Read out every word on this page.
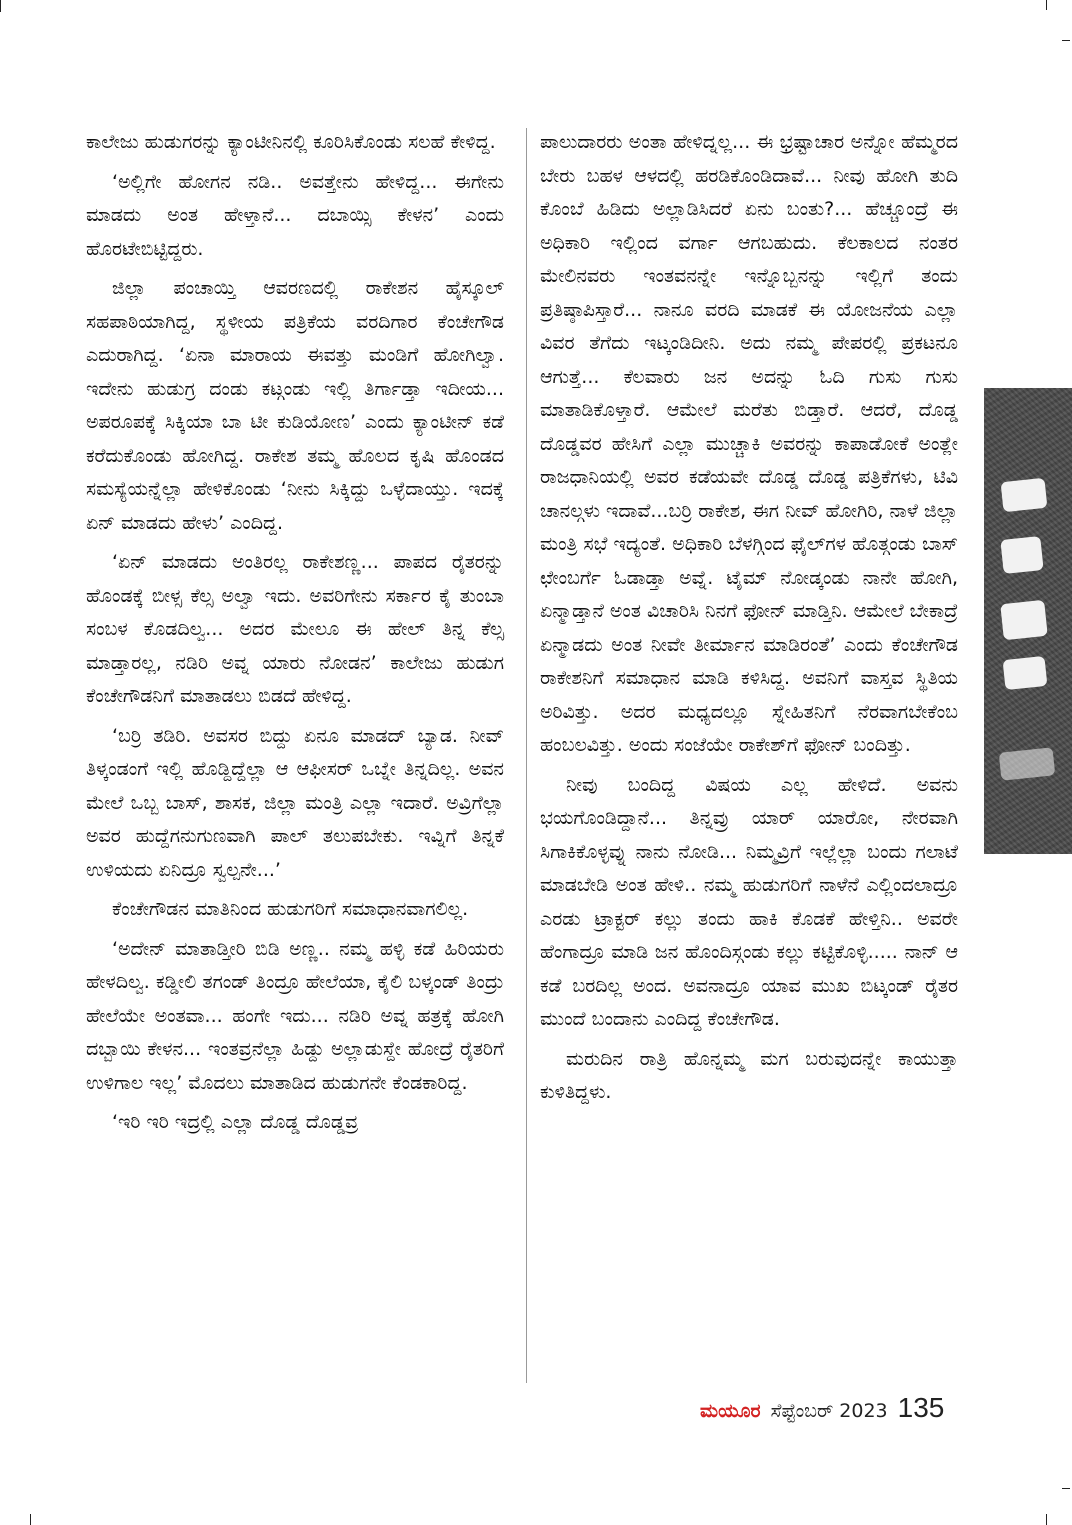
ಕಾಲೇಜು ಹುಡುಗರನ್ನು ಕ್ಯಾಂಟೀನಿನಲ್ಲಿ ಕೂರಿಸಿಕೊಂಡು ಸಲಹೆ ಕೇಳಿದ್ದ.

‘ಅಲ್ಲಿಗೇ ಹೋಗನ ನಡಿ.. ಅವತ್ತೇನು ಹೇಳಿದ್ದ... ಈಗೇನು ಮಾಡದು ಅಂತ ಹೇಳ್ತಾನೆ... ದಬಾಯ್ಸಿ ಕೇಳನ’ ಎಂದು ಹೊರಟೇಬಿಟ್ಟಿದ್ದರು.

ಜಿಲ್ಲಾ ಪಂಚಾಯ್ತಿ ಆವರಣದಲ್ಲಿ ರಾಕೇಶನ ಹೈಸ್ಕೂಲ್ ಸಹಪಾಠಿಯಾಗಿದ್ದ, ಸ್ಥಳೀಯ ಪತ್ರಿಕೆಯ ವರದಿಗಾರ ಕೆಂಚೇಗೌಡ ಎದುರಾಗಿದ್ದ. ‘ಏನಾ ಮಾರಾಯ ಈವತ್ತು ಮಂಡಿಗೆ ಹೋಗಿಲ್ವಾ. ಇದೇನು ಹುಡುಗ್ರ ದಂಡು ಕಟ್ಗಂಡು ಇಲ್ಲಿ ತಿರ್ಗಾಡ್ತಾ ಇದೀಯ... ಅಪರೂಪಕ್ಕೆ ಸಿಕ್ಕಿಯಾ ಬಾ ಟೀ ಕುಡಿಯೋಣ’ ಎಂದು ಕ್ಯಾಂಟೀನ್ ಕಡೆ ಕರೆದುಕೊಂಡು ಹೋಗಿದ್ದ. ರಾಕೇಶ ತಮ್ಮ ಹೊಲದ ಕೃಷಿ ಹೊಂಡದ ಸಮಸ್ಯೆಯನ್ನೆಲ್ಲಾ ಹೇಳಿಕೊಂಡು ‘ನೀನು ಸಿಕ್ಕಿದ್ದು ಒಳ್ಳೆದಾಯ್ತು. ಇದಕ್ಕೆ ಏನ್ ಮಾಡದು ಹೇಳು’ ಎಂದಿದ್ದ.

‘ಏನ್ ಮಾಡದು ಅಂತಿರಲ್ಲ ರಾಕೇಶಣ್ಣ... ಪಾಪದ ರೈತರನ್ನು ಹೊಂಡಕ್ಕೆ ಬೀಳ್ಸ ಕೆಲ್ಸ ಅಲ್ವಾ ಇದು. ಅವರಿಗೇನು ಸರ್ಕಾರ ಕೈ ತುಂಬಾ ಸಂಬಳ ಕೊಡದಿಲ್ವ... ಅದರ ಮೇಲೂ ಈ ಹೇಲ್ ತಿನ್ನ ಕೆಲ್ಸ ಮಾಡ್ತಾರಲ್ಲ, ನಡಿರಿ ಅವ್ನ ಯಾರು ನೋಡನ’ ಕಾಲೇಜು ಹುಡುಗ ಕೆಂಚೇಗೌಡನಿಗೆ ಮಾತಾಡಲು ಬಿಡದೆ ಹೇಳಿದ್ದ.

‘ಬರ್ರಿ ತಡಿರಿ. ಅವಸರ ಬಿದ್ದು ಏನೂ ಮಾಡದ್ ಬ್ಯಾಡ. ನೀವ್ ತಿಳ್ಕಂಡಂಗೆ ಇಲ್ಲಿ ಹೊಡ್ದಿದ್ದೆಲ್ಲಾ ಆ ಆಫೀಸರ್ ಒಬ್ನೇ ತಿನ್ನದಿಲ್ಲ. ಅವನ ಮೇಲೆ ಒಬ್ಬ ಬಾಸ್, ಶಾಸಕ, ಜಿಲ್ಲಾ ಮಂತ್ರಿ ಎಲ್ಲಾ ಇದಾರೆ. ಅವ್ರಿಗೆಲ್ಲಾ ಅವರ ಹುದ್ದೆಗನುಗುಣವಾಗಿ ಪಾಲ್ ತಲುಪಬೇಕು. ಇವ್ನಿಗೆ ತಿನ್ನಕೆ ಉಳಿಯದು ಏನಿದ್ರೂ ಸ್ವಲ್ಪನೇ...’

ಕೆಂಚೇಗೌಡನ ಮಾತಿನಿಂದ ಹುಡುಗರಿಗೆ ಸಮಾಧಾನವಾಗಲಿಲ್ಲ.

‘ಅದೇನ್ ಮಾತಾಡ್ತೀರಿ ಬಿಡಿ ಅಣ್ಣ.. ನಮ್ಮ ಹಳ್ಳಿ ಕಡೆ ಹಿರಿಯರು ಹೇಳದಿಲ್ವ. ಕಡ್ಡೀಲಿ ತಗಂಡ್ ತಿಂದ್ರೂ ಹೇಲೆಯಾ, ಕೈಲಿ ಬಳ್ಕಂಡ್ ತಿಂದ್ರು ಹೇಲೆಯೇ ಅಂತವಾ... ಹಂಗೇ ಇದು... ನಡಿರಿ ಅವ್ನ ಹತ್ರಕ್ಕೆ ಹೋಗಿ ದಬ್ಬಾಯಿ ಕೇಳನ... ಇಂತವ್ರನೆಲ್ಲಾ ಹಿಡ್ದು ಅಲ್ಲಾಡುಸ್ದೇ ಹೋದ್ರೆ ರೈತರಿಗೆ ಉಳಿಗಾಲ ಇಲ್ಲ’ ಮೊದಲು ಮಾತಾಡಿದ ಹುಡುಗನೇ ಕೆಂಡಕಾರಿದ್ದ.

‘ಇರಿ ಇರಿ ಇದ್ರಲ್ಲಿ ಎಲ್ಲಾ ದೊಡ್ಡ ದೊಡ್ಡವ್ರ

ಪಾಲುದಾರರು ಅಂತಾ ಹೇಳಿದ್ನಲ್ಲ... ಈ ಭ್ರಷ್ಟಾಚಾರ ಅನ್ನೋ ಹೆಮ್ಮರದ ಬೇರು ಬಹಳ ಆಳದಲ್ಲಿ ಹರಡಿಕೊಂಡಿದಾವೆ... ನೀವು ಹೋಗಿ ತುದಿ ಕೊಂಬೆ ಹಿಡಿದು ಅಲ್ಲಾಡಿಸಿದರೆ ಏನು ಬಂತು?... ಹೆಚ್ಚೂಂದ್ರೆ ಈ ಅಧಿಕಾರಿ ಇಲ್ಲಿಂದ ವರ್ಗಾ ಆಗಬಹುದು. ಕೆಲಕಾಲದ ನಂತರ ಮೇಲಿನವರು ಇಂತವನನ್ನೇ ಇನ್ನೊಬ್ಬನನ್ನು ಇಲ್ಲಿಗೆ ತಂದು ಪ್ರತಿಷ್ಠಾಪಿಸ್ತಾರೆ... ನಾನೂ ವರದಿ ಮಾಡಕೆ ಈ ಯೋಜನೆಯ ಎಲ್ಲಾ ವಿವರ ತೆಗೆದು ಇಟ್ಕಂಡಿದೀನಿ. ಅದು ನಮ್ಮ ಪೇಪರಲ್ಲಿ ಪ್ರಕಟನೂ ಆಗುತ್ತೆ... ಕೆಲವಾರು ಜನ ಅದನ್ನು ಓದಿ ಗುಸು ಗುಸು ಮಾತಾಡಿಕೊಳ್ತಾರೆ. ಆಮೇಲೆ ಮರೆತು ಬಿಡ್ತಾರೆ. ಆದರೆ, ದೊಡ್ಡ ದೊಡ್ಡವರ ಹೇಸಿಗೆ ಎಲ್ಲಾ ಮುಚ್ಚಾಕಿ ಅವರನ್ನು ಕಾಪಾಡೋಕೆ ಅಂತ್ಲೇ ರಾಜಧಾನಿಯಲ್ಲಿ ಅವರ ಕಡೆಯವೇ ದೊಡ್ಡ ದೊಡ್ಡ ಪತ್ರಿಕೆಗಳು, ಟಿವಿ ಚಾನಲ್ಗಳು ಇದಾವೆ...ಬರ್ರಿ ರಾಕೇಶ, ಈಗ ನೀವ್ ಹೋಗಿರಿ, ನಾಳೆ ಜಿಲ್ಲಾ ಮಂತ್ರಿ ಸಭೆ ಇದ್ಯಂತೆ. ಅಧಿಕಾರಿ ಬೆಳಗ್ಗಿಂದ ಫೈಲ್‌ಗಳ ಹೊತ್ಗಂಡು ಬಾಸ್ ಛೇಂಬರ್ಗೆ ಓಡಾಡ್ತಾ ಅವ್ನೆ. ಟೈಮ್ ನೋಡ್ಕಂಡು ನಾನೇ ಹೋಗಿ, ಏನ್ಮಾಡ್ತಾನೆ ಅಂತ ವಿಚಾರಿಸಿ ನಿನಗೆ ಫೋನ್ ಮಾಡ್ತಿನಿ. ಆಮೇಲೆ ಬೇಕಾದ್ರೆ ಏನ್ಮಾಡದು ಅಂತ ನೀವೇ ತೀರ್ಮಾನ ಮಾಡಿರಂತೆ’ ಎಂದು ಕೆಂಚೇಗೌಡ ರಾಕೇಶನಿಗೆ ಸಮಾಧಾನ ಮಾಡಿ ಕಳಿಸಿದ್ದ. ಅವನಿಗೆ ವಾಸ್ತವ ಸ್ಥಿತಿಯ ಅರಿವಿತ್ತು. ಅದರ ಮಧ್ಯದಲ್ಲೂ ಸ್ನೇಹಿತನಿಗೆ ನೆರವಾಗಬೇಕೆಂಬ ಹಂಬಲವಿತ್ತು. ಅಂದು ಸಂಜೆಯೇ ರಾಕೇಶ್‌ಗೆ ಫೋನ್ ಬಂದಿತ್ತು.

ನೀವು ಬಂದಿದ್ದ ವಿಷಯ ಎಲ್ಲ ಹೇಳಿದೆ. ಅವನು ಭಯಗೊಂಡಿದ್ದಾನೆ... ತಿನ್ನವ್ರು ಯಾರ್ ಯಾರೋ, ನೇರವಾಗಿ ಸಿಗಾಕಿಕೊಳ್ಳವ್ನು ನಾನು ನೋಡಿ... ನಿಮ್ಮವ್ರಿಗೆ ಇಲ್ಲೆಲ್ಲಾ ಬಂದು ಗಲಾಟೆ ಮಾಡಬೇಡಿ ಅಂತ ಹೇಳಿ.. ನಮ್ಮ ಹುಡುಗರಿಗೆ ನಾಳೆನೆ ಎಲ್ಲಿಂದಲಾದ್ರೂ ಎರಡು ಟ್ರಾಕ್ಟರ್ ಕಲ್ಲು ತಂದು ಹಾಕಿ ಕೊಡಕೆ ಹೇಳ್ತಿನಿ.. ಅವರೇ ಹೆಂಗಾದ್ರೂ ಮಾಡಿ ಜನ ಹೊಂದಿಸ್ಗಂಡು ಕಲ್ಲು ಕಟ್ಟಿಕೊಳ್ಳಿ..... ನಾನ್ ಆ ಕಡೆ ಬರದಿಲ್ಲ ಅಂದ. ಅವನಾದ್ರೂ ಯಾವ ಮುಖ ಬಿಟ್ಕಂಡ್ ರೈತರ ಮುಂದೆ ಬಂದಾನು ಎಂದಿದ್ದ ಕೆಂಚೇಗೌಡ.

ಮರುದಿನ ರಾತ್ರಿ ಹೊನ್ನಮ್ಮ ಮಗ ಬರುವುದನ್ನೇ ಕಾಯುತ್ತಾ ಕುಳಿತಿದ್ದಳು.

ಮಯೂರ ಸೆಪ್ಟೆಂಬರ್ 2023 135
